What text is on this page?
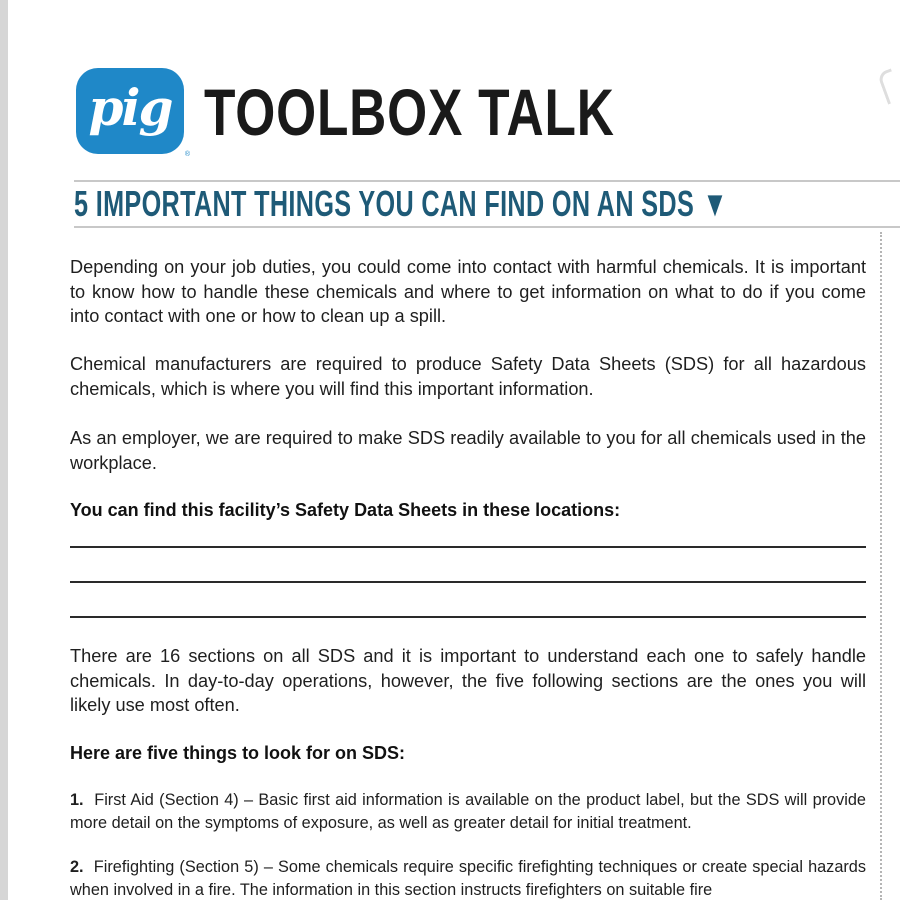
pig
®
TOOLBOX TALK
5 IMPORTANT THINGS YOU CAN FIND ON AN SDS ▼
Depending on your job duties, you could come into contact with harmful chemicals. It is important to know how to handle these chemicals and where to get information on what to do if you come into contact with one or how to clean up a spill.
Chemical manufacturers are required to produce Safety Data Sheets (SDS) for all hazardous chemicals, which is where you will find this important information.
As an employer, we are required to make SDS readily available to you for all chemicals used in the workplace.
You can find this facility’s Safety Data Sheets in these locations:
There are 16 sections on all SDS and it is important to understand each one to safely handle chemicals. In day-to-day operations, however, the five following sections are the ones you will likely use most often.
Here are five things to look for on SDS:
1. First Aid (Section 4) – Basic first aid information is available on the product label, but the SDS will provide more detail on the symptoms of exposure, as well as greater detail for initial treatment.
2. Firefighting (Section 5) – Some chemicals require specific firefighting techniques or create special hazards when involved in a fire. The information in this section instructs firefighters on suitable fire
